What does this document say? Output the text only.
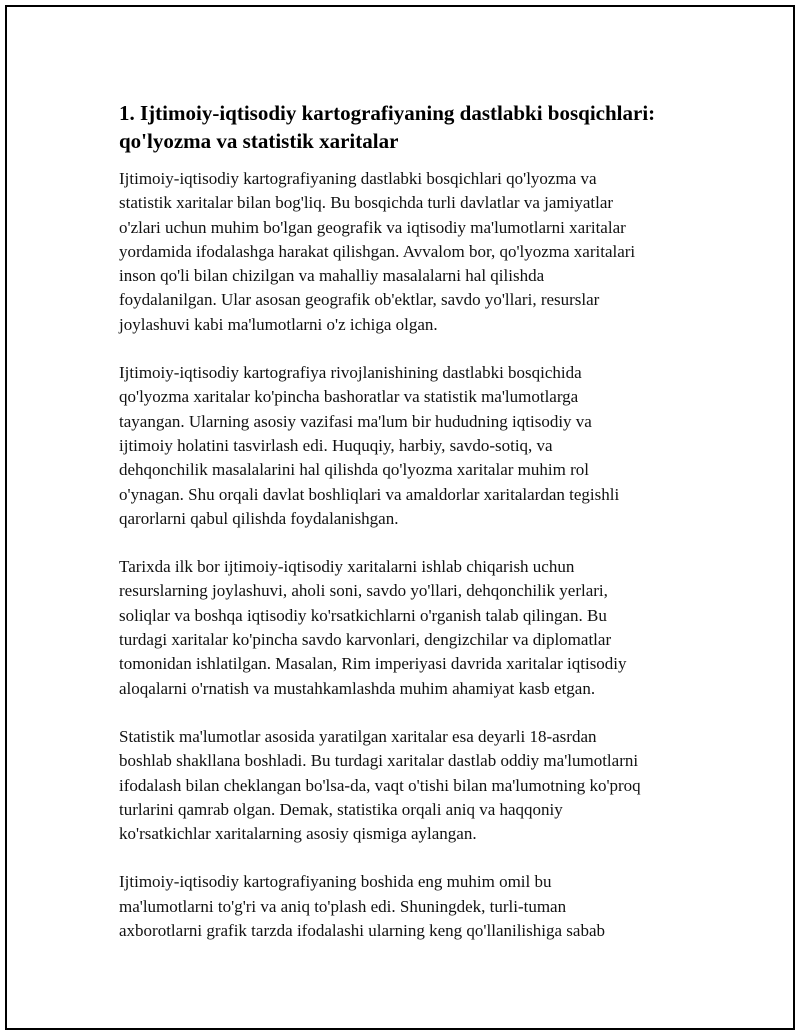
1. Ijtimoiy-iqtisodiy kartografiyaning dastlabki bosqichlari:
qo'lyozma va statistik xaritalar

Ijtimoiy-iqtisodiy kartografiyaning dastlabki bosqichlari qo'lyozma va
statistik xaritalar bilan bog'liq. Bu bosqichda turli davlatlar va jamiyatlar
o'zlari uchun muhim bo'lgan geografik va iqtisodiy ma'lumotlarni xaritalar
yordamida ifodalashga harakat qilishgan. Avvalom bor, qo'lyozma xaritalari
inson qo'li bilan chizilgan va mahalliy masalalarni hal qilishda
foydalanilgan. Ular asosan geografik ob'ektlar, savdo yo'llari, resurslar
joylashuvi kabi ma'lumotlarni o'z ichiga olgan.

Ijtimoiy-iqtisodiy kartografiya rivojlanishining dastlabki bosqichida
qo'lyozma xaritalar ko'pincha bashoratlar va statistik ma'lumotlarga
tayangan. Ularning asosiy vazifasi ma'lum bir hududning iqtisodiy va
ijtimoiy holatini tasvirlash edi. Huquqiy, harbiy, savdo-sotiq, va
dehqonchilik masalalarini hal qilishda qo'lyozma xaritalar muhim rol
o'ynagan. Shu orqali davlat boshliqlari va amaldorlar xaritalardan tegishli
qarorlarni qabul qilishda foydalanishgan.

Tarixda ilk bor ijtimoiy-iqtisodiy xaritalarni ishlab chiqarish uchun
resurslarning joylashuvi, aholi soni, savdo yo'llari, dehqonchilik yerlari,
soliqlar va boshqa iqtisodiy ko'rsatkichlarni o'rganish talab qilingan. Bu
turdagi xaritalar ko'pincha savdo karvonlari, dengizchilar va diplomatlar
tomonidan ishlatilgan. Masalan, Rim imperiyasi davrida xaritalar iqtisodiy
aloqalarni o'rnatish va mustahkamlashda muhim ahamiyat kasb etgan.

Statistik ma'lumotlar asosida yaratilgan xaritalar esa deyarli 18-asrdan
boshlab shakllana boshladi. Bu turdagi xaritalar dastlab oddiy ma'lumotlarni
ifodalash bilan cheklangan bo'lsa-da, vaqt o'tishi bilan ma'lumotning ko'proq
turlarini qamrab olgan. Demak, statistika orqali aniq va haqqoniy
ko'rsatkichlar xaritalarning asosiy qismiga aylangan.

Ijtimoiy-iqtisodiy kartografiyaning boshida eng muhim omil bu
ma'lumotlarni to'g'ri va aniq to'plash edi. Shuningdek, turli-tuman
axborotlarni grafik tarzda ifodalashi ularning keng qo'llanilishiga sabab
